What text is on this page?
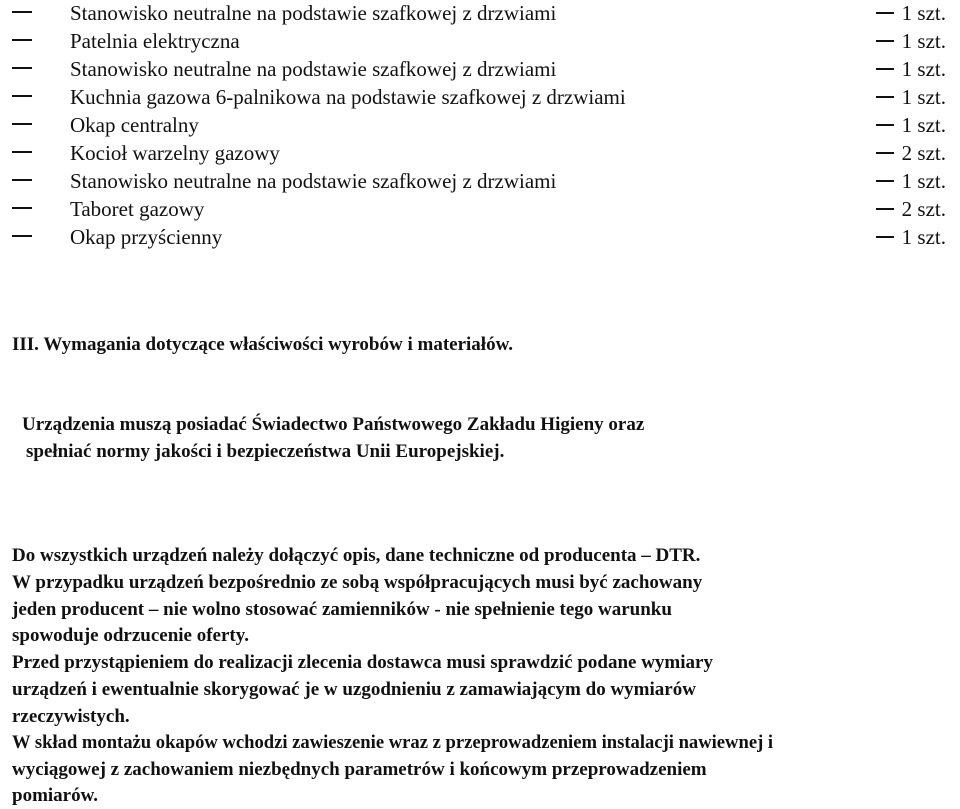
Stanowisko neutralne na podstawie szafkowej z drzwiami	1 szt.
Patelnia elektryczna	1 szt.
Stanowisko neutralne na podstawie szafkowej z drzwiami	1 szt.
Kuchnia gazowa 6-palnikowa na podstawie szafkowej z drzwiami	1 szt.
Okap centralny	1 szt.
Kocioł warzelny gazowy	2 szt.
Stanowisko neutralne na podstawie szafkowej z drzwiami	1 szt.
Taboret gazowy	2 szt.
Okap przyścienny	1 szt.
III. Wymagania dotyczące właściwości wyrobów i materiałów.
Urządzenia muszą posiadać Świadectwo Państwowego Zakładu Higieny oraz
spełniać normy jakości i bezpieczeństwa Unii Europejskiej.
Do wszystkich urządzeń należy dołączyć opis, dane techniczne od producenta – DTR.
W przypadku urządzeń bezpośrednio ze sobą współpracujących musi być zachowany
jeden producent – nie wolno stosować zamienników - nie spełnienie tego warunku
spowoduje odrzucenie oferty.
Przed przystąpieniem do realizacji zlecenia dostawca musi sprawdzić podane wymiary
urządzeń i ewentualnie skorygować je w uzgodnieniu z zamawiającym do wymiarów
rzeczywistych.
W skład montażu okapów wchodzi zawieszenie wraz z przeprowadzeniem instalacji nawiewnej i
wyciągowej z zachowaniem niezbędnych parametrów i końcowym przeprowadzeniem
pomiarów.
